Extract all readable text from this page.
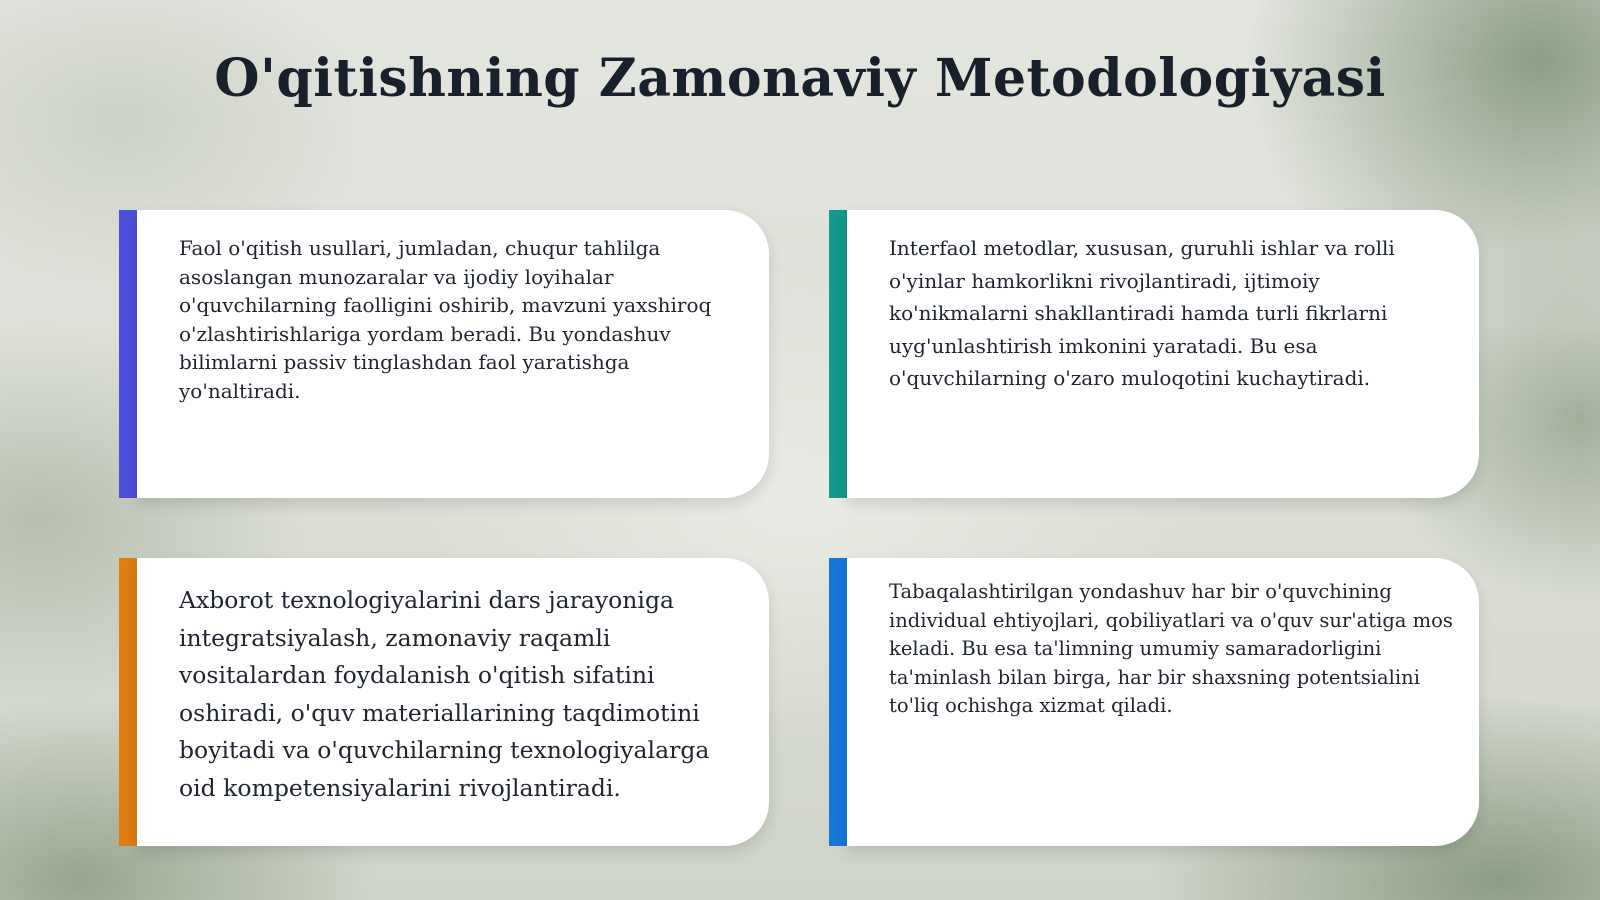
O'qitishning Zamonaviy Metodologiyasi

Faol o'qitish usullari, jumladan, chuqur tahlilga asoslangan munozaralar va ijodiy loyihalar o'quvchilarning faolligini oshirib, mavzuni yaxshiroq o'zlashtirishlariga yordam beradi. Bu yondashuv bilimlarni passiv tinglashdan faol yaratishga yo'naltiradi.

Interfaol metodlar, xususan, guruhli ishlar va rolli o'yinlar hamkorlikni rivojlantiradi, ijtimoiy ko'nikmalarni shakllantiradi hamda turli fikrlarni uyg'unlashtirish imkonini yaratadi. Bu esa o'quvchilarning o'zaro muloqotini kuchaytiradi.

Axborot texnologiyalarini dars jarayoniga integratsiyalash, zamonaviy raqamli vositalardan foydalanish o'qitish sifatini oshiradi, o'quv materiallarining taqdimotini boyitadi va o'quvchilarning texnologiyalarga oid kompetensiyalarini rivojlantiradi.

Tabaqalashtirilgan yondashuv har bir o'quvchining individual ehtiyojlari, qobiliyatlari va o'quv sur'atiga mos keladi. Bu esa ta'limning umumiy samaradorligini ta'minlash bilan birga, har bir shaxsning potentsialini to'liq ochishga xizmat qiladi.
